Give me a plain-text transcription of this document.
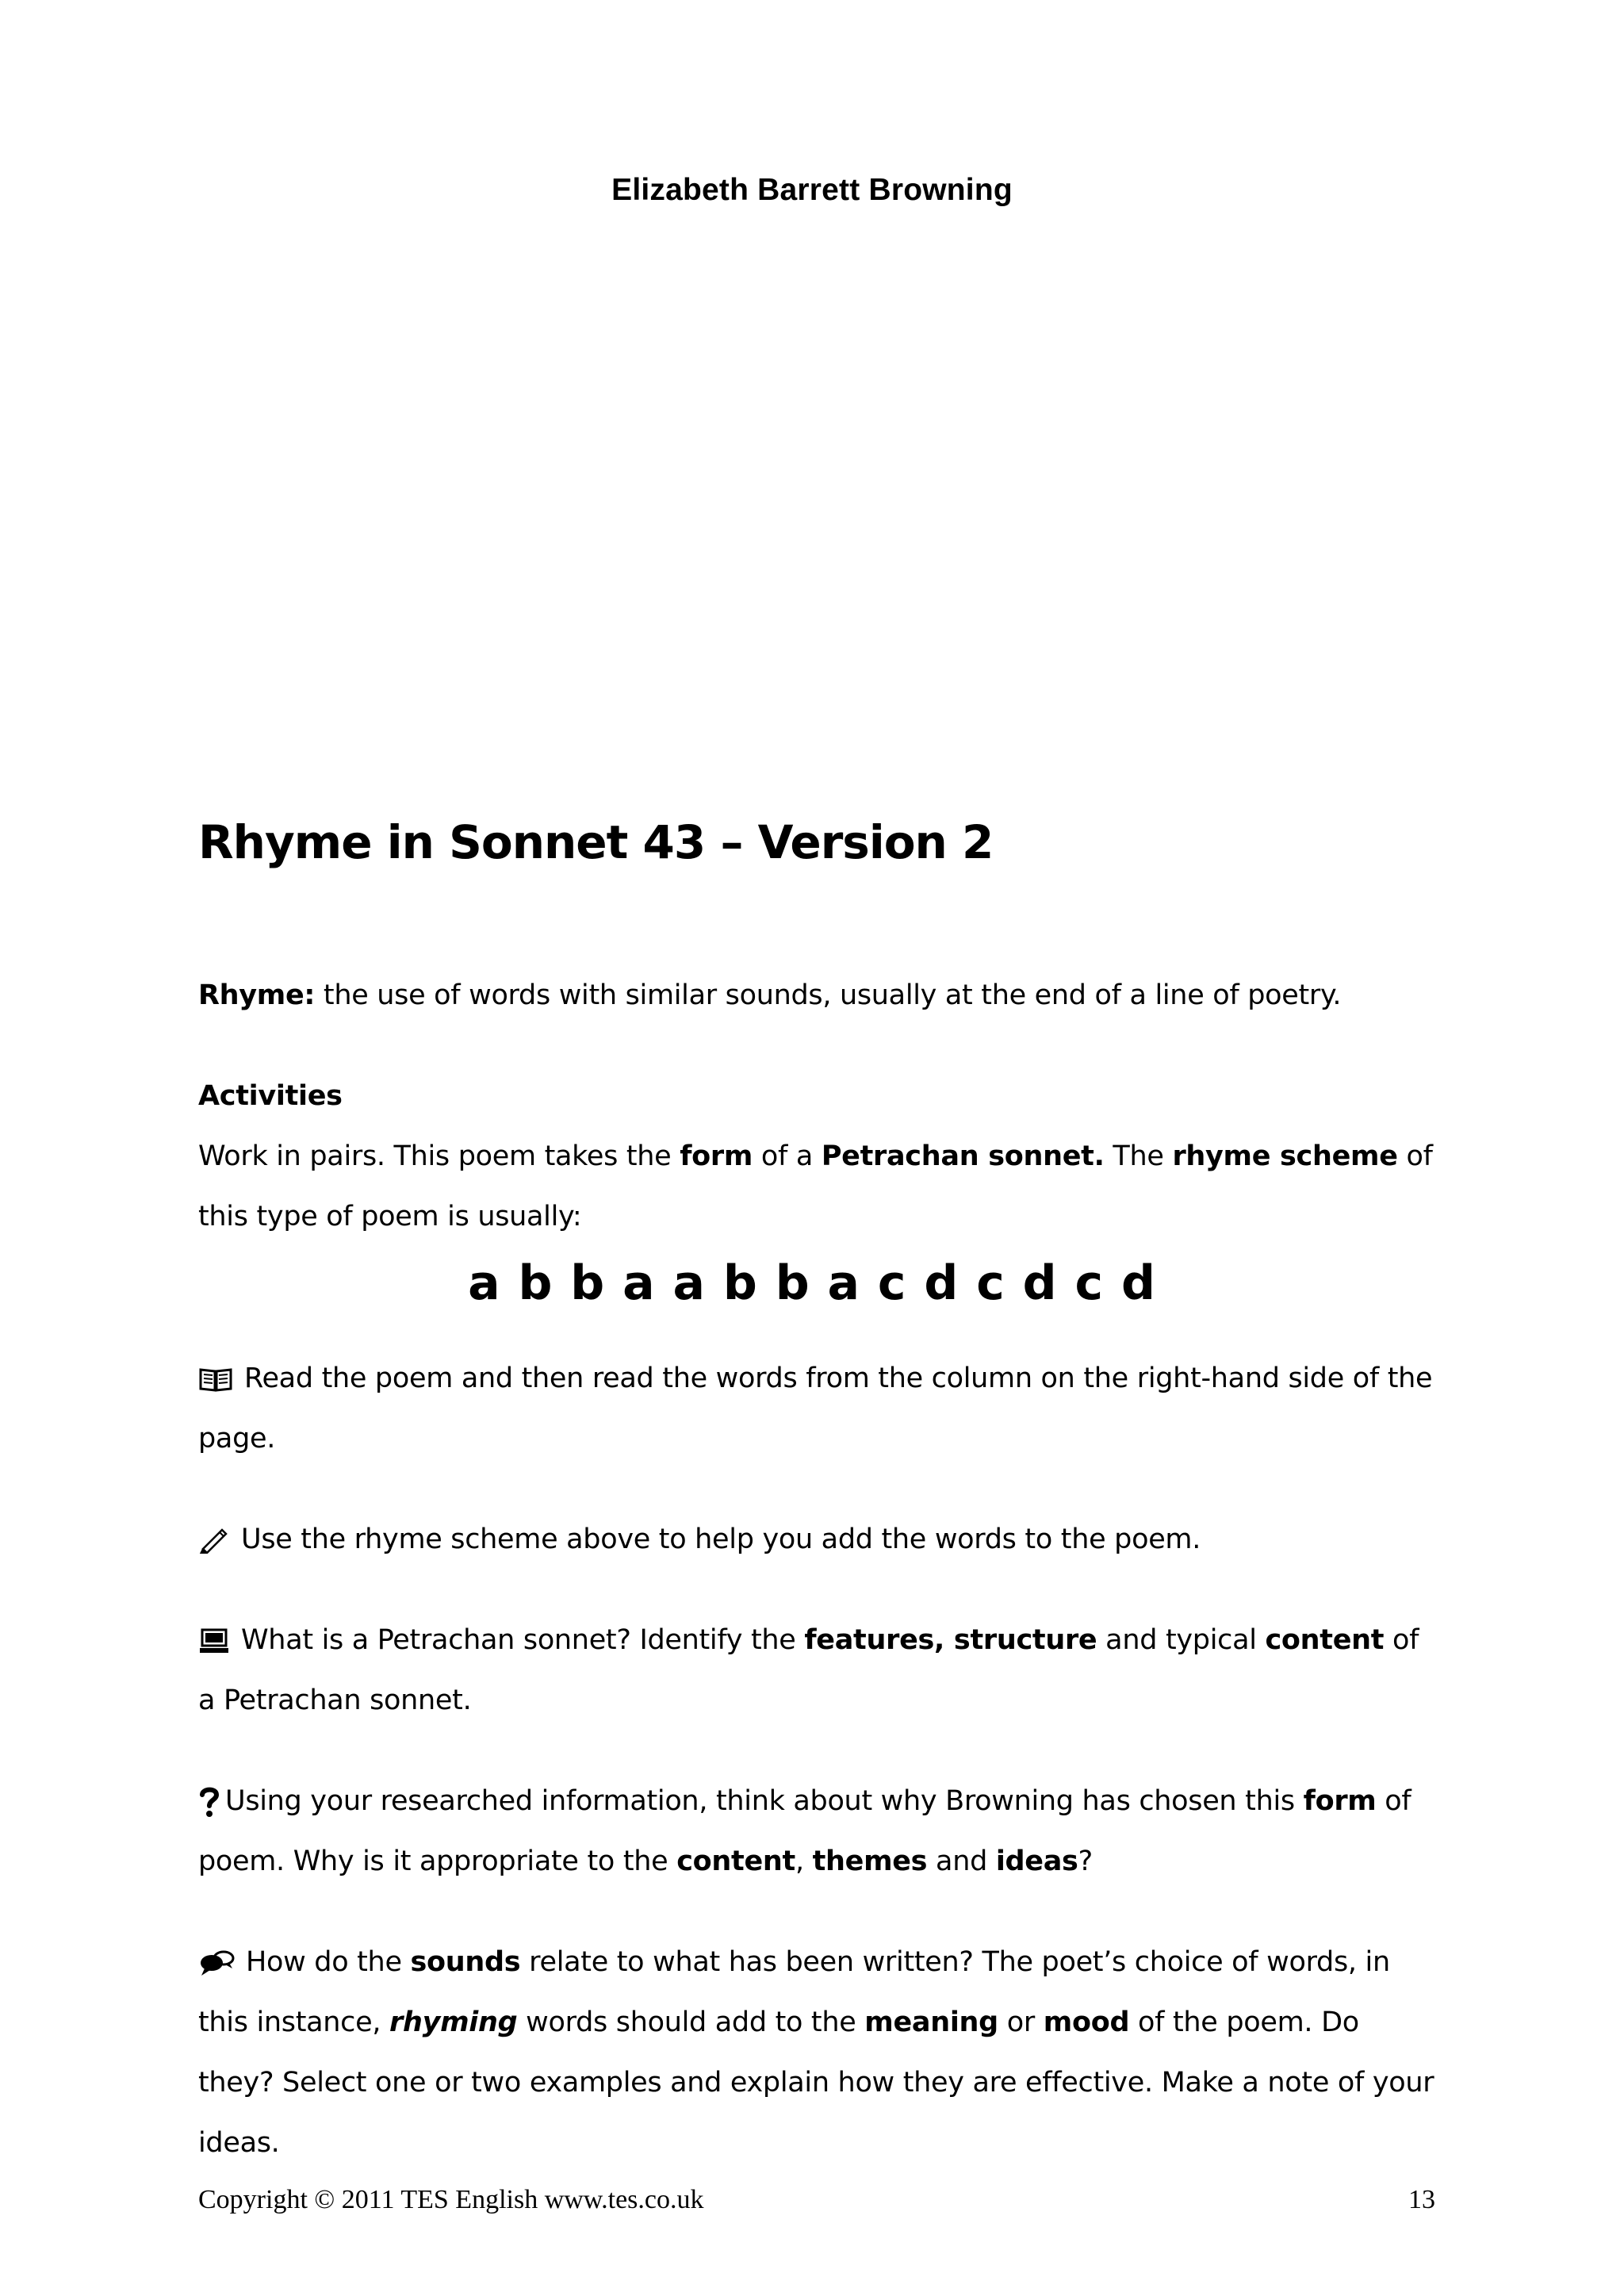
Elizabeth Barrett Browning
Rhyme in Sonnet 43 – Version 2
Rhyme: the use of words with similar sounds, usually at the end of a line of poetry.
Activities
Work in pairs. This poem takes the form of a Petrachan sonnet. The rhyme scheme of this type of poem is usually:
a b b a a b b a c d c d c d
Read the poem and then read the words from the column on the right-hand side of the page.
Use the rhyme scheme above to help you add the words to the poem.
What is a Petrachan sonnet? Identify the features, structure and typical content of a Petrachan sonnet.
Using your researched information, think about why Browning has chosen this form of poem. Why is it appropriate to the content, themes and ideas?
How do the sounds relate to what has been written? The poet’s choice of words, in this instance, rhyming words should add to the meaning or mood of the poem. Do they? Select one or two examples and explain how they are effective. Make a note of your ideas.
Copyright © 2011 TES English www.tes.co.uk	13
